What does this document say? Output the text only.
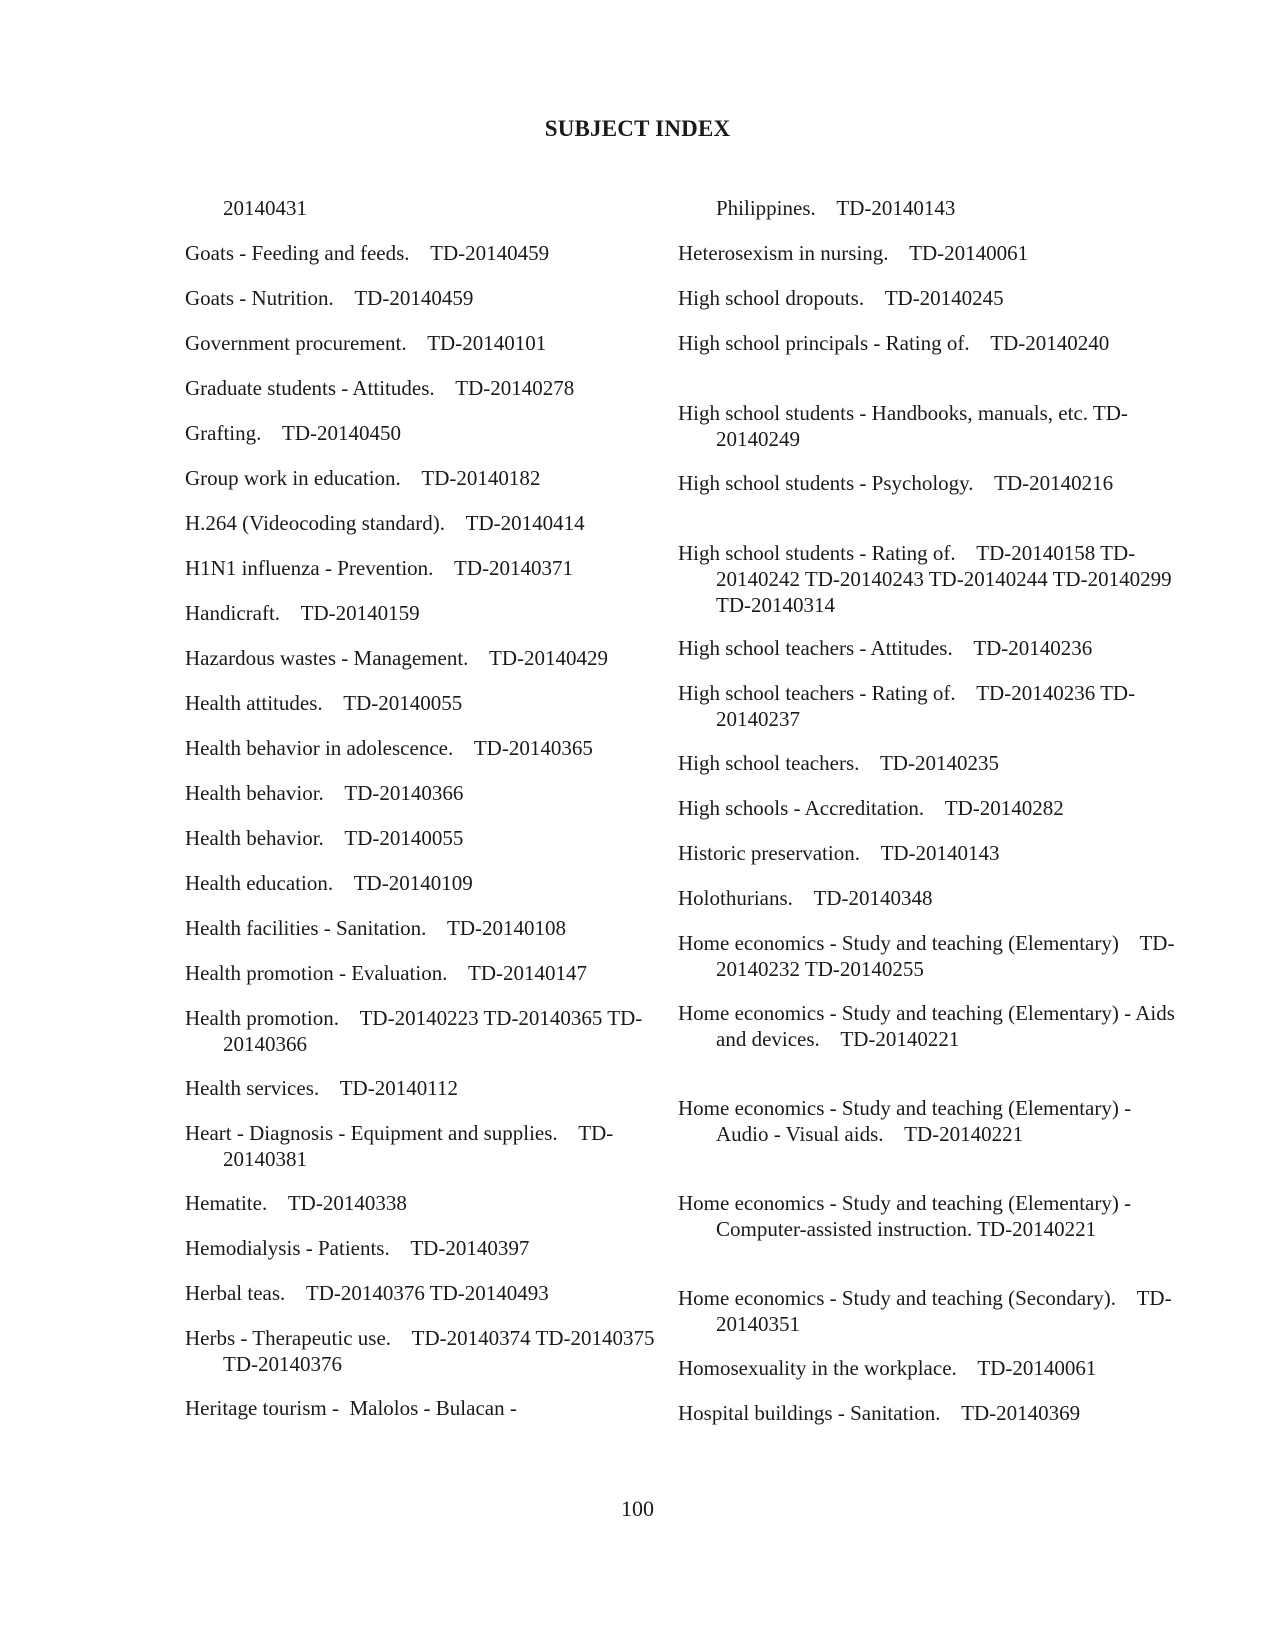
SUBJECT INDEX
20140431
Goats - Feeding and feeds.    TD-20140459
Goats - Nutrition.    TD-20140459
Government procurement.    TD-20140101
Graduate students - Attitudes.    TD-20140278
Grafting.    TD-20140450
Group work in education.    TD-20140182
H.264 (Videocoding standard).    TD-20140414
H1N1 influenza - Prevention.    TD-20140371
Handicraft.    TD-20140159
Hazardous wastes - Management.    TD-20140429
Health attitudes.    TD-20140055
Health behavior in adolescence.    TD-20140365
Health behavior.    TD-20140366
Health behavior.    TD-20140055
Health education.    TD-20140109
Health facilities - Sanitation.    TD-20140108
Health promotion - Evaluation.    TD-20140147
Health promotion.    TD-20140223 TD-20140365 TD-20140366
Health services.    TD-20140112
Heart - Diagnosis - Equipment and supplies.    TD-20140381
Hematite.    TD-20140338
Hemodialysis - Patients.    TD-20140397
Herbal teas.    TD-20140376 TD-20140493
Herbs - Therapeutic use.    TD-20140374 TD-20140375 TD-20140376
Heritage tourism -  Malolos - Bulacan -
Philippines.    TD-20140143
Heterosexism in nursing.    TD-20140061
High school dropouts.    TD-20140245
High school principals - Rating of.    TD-20140240
High school students - Handbooks, manuals, etc. TD-20140249
High school students - Psychology.    TD-20140216
High school students - Rating of.    TD-20140158 TD-20140242 TD-20140243 TD-20140244 TD-20140299 TD-20140314
High school teachers - Attitudes.    TD-20140236
High school teachers - Rating of.    TD-20140236 TD-20140237
High school teachers.    TD-20140235
High schools - Accreditation.    TD-20140282
Historic preservation.    TD-20140143
Holothurians.    TD-20140348
Home economics - Study and teaching (Elementary)    TD-20140232 TD-20140255
Home economics - Study and teaching (Elementary) - Aids and devices.    TD-20140221
Home economics - Study and teaching (Elementary) - Audio - Visual aids.    TD-20140221
Home economics - Study and teaching (Elementary) - Computer-assisted instruction. TD-20140221
Home economics - Study and teaching (Secondary).    TD-20140351
Homosexuality in the workplace.    TD-20140061
Hospital buildings - Sanitation.    TD-20140369
100
